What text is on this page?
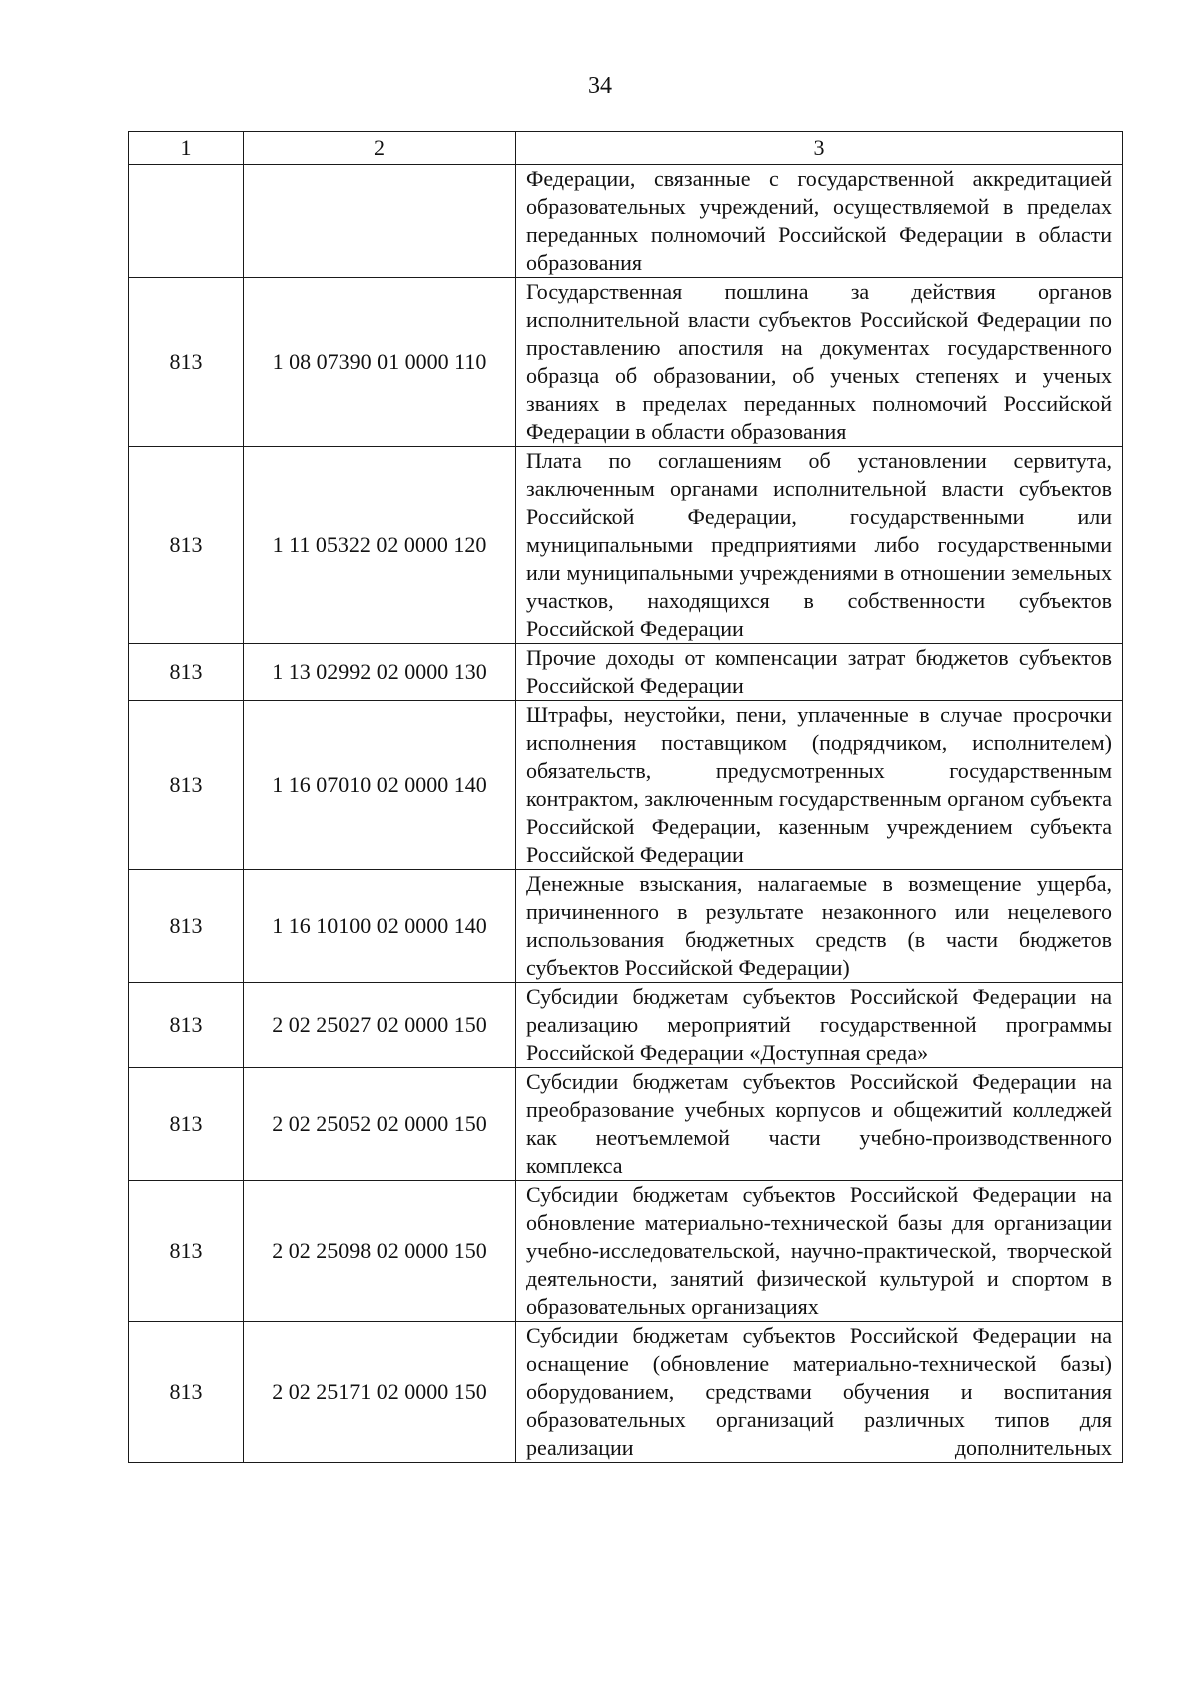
34
1	2	3
		Федерации, связанные с государственной аккредитацией образовательных учреждений, осуществляемой в пределах переданных полномочий Российской Федерации в области образования
813	1 08 07390 01 0000 110	Государственная пошлина за действия органов исполнительной власти субъектов Российской Федерации по проставлению апостиля на документах государственного образца об образовании, об ученых степенях и ученых званиях в пределах переданных полномочий Российской Федерации в области образования
813	1 11 05322 02 0000 120	Плата по соглашениям об установлении сервитута, заключенным органами исполнительной власти субъектов Российской Федерации, государственными или муниципальными предприятиями либо государственными или муниципальными учреждениями в отношении земельных участков, находящихся в собственности субъектов Российской Федерации
813	1 13 02992 02 0000 130	Прочие доходы от компенсации затрат бюджетов субъектов Российской Федерации
813	1 16 07010 02 0000 140	Штрафы, неустойки, пени, уплаченные в случае просрочки исполнения поставщиком (подрядчиком, исполнителем) обязательств, предусмотренных государственным контрактом, заключенным государственным органом субъекта Российской Федерации, казенным учреждением субъекта Российской Федерации
813	1 16 10100 02 0000 140	Денежные взыскания, налагаемые в возмещение ущерба, причиненного в результате незаконного или нецелевого использования бюджетных средств (в части бюджетов субъектов Российской Федерации)
813	2 02 25027 02 0000 150	Субсидии бюджетам субъектов Российской Федерации на реализацию мероприятий государственной программы Российской Федерации «Доступная среда»
813	2 02 25052 02 0000 150	Субсидии бюджетам субъектов Российской Федерации на преобразование учебных корпусов и общежитий колледжей как неотъемлемой части учебно-производственного комплекса
813	2 02 25098 02 0000 150	Субсидии бюджетам субъектов Российской Федерации на обновление материально-технической базы для организации учебно-исследовательской, научно-практической, творческой деятельности, занятий физической культурой и спортом в образовательных организациях
813	2 02 25171 02 0000 150	Субсидии бюджетам субъектов Российской Федерации на оснащение (обновление материально-технической базы) оборудованием, средствами обучения и воспитания образовательных организаций различных типов для реализации дополнительных
